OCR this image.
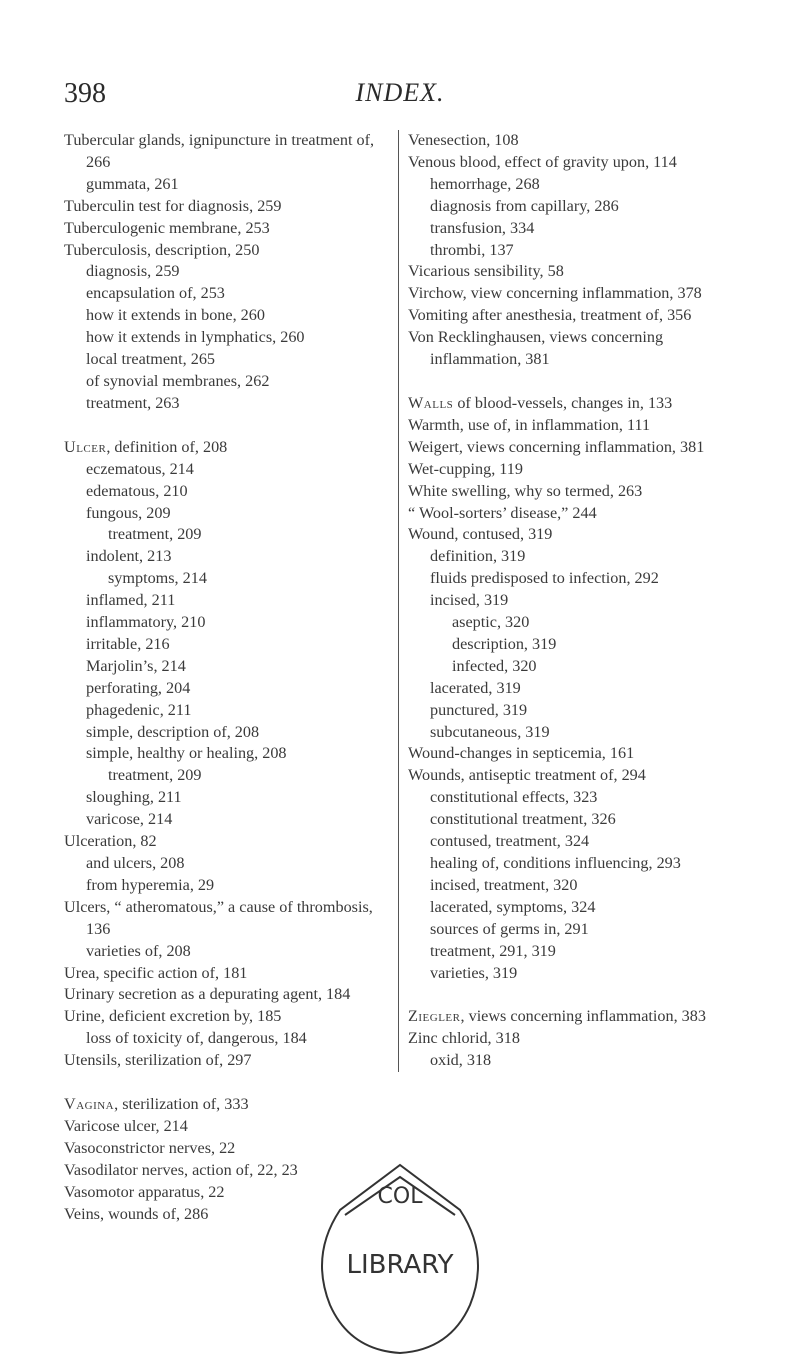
398	INDEX.
Tubercular glands, ignipuncture in treatment of, 266
gummata, 261
Tuberculin test for diagnosis, 259
Tuberculogenic membrane, 253
Tuberculosis, description, 250
diagnosis, 259
encapsulation of, 253
how it extends in bone, 260
how it extends in lymphatics, 260
local treatment, 265
of synovial membranes, 262
treatment, 263
Ulcer, definition of, 208
eczematous, 214
edematous, 210
fungous, 209
treatment, 209
indolent, 213
symptoms, 214
inflamed, 211
inflammatory, 210
irritable, 216
Marjolin’s, 214
perforating, 204
phagedenic, 211
simple, description of, 208
simple, healthy or healing, 208
treatment, 209
sloughing, 211
varicose, 214
Ulceration, 82
and ulcers, 208
from hyperemia, 29
Ulcers, “ atheromatous,” a cause of thrombosis, 136
varieties of, 208
Urea, specific action of, 181
Urinary secretion as a depurating agent, 184
Urine, deficient excretion by, 185
loss of toxicity of, dangerous, 184
Utensils, sterilization of, 297
Vagina, sterilization of, 333
Varicose ulcer, 214
Vasoconstrictor nerves, 22
Vasodilator nerves, action of, 22, 23
Vasomotor apparatus, 22
Veins, wounds of, 286
Venesection, 108
Venous blood, effect of gravity upon, 114
hemorrhage, 268
diagnosis from capillary, 286
transfusion, 334
thrombi, 137
Vicarious sensibility, 58
Virchow, view concerning inflammation, 378
Vomiting after anesthesia, treatment of, 356
Von Recklinghausen, views concerning inflammation, 381
Walls of blood-vessels, changes in, 133
Warmth, use of, in inflammation, 111
Weigert, views concerning inflammation, 381
Wet-cupping, 119
White swelling, why so termed, 263
“ Wool-sorters’ disease,” 244
Wound, contused, 319
definition, 319
fluids predisposed to infection, 292
incised, 319
aseptic, 320
description, 319
infected, 320
lacerated, 319
punctured, 319
subcutaneous, 319
Wound-changes in septicemia, 161
Wounds, antiseptic treatment of, 294
constitutional effects, 323
constitutional treatment, 326
contused, treatment, 324
healing of, conditions influencing, 293
incised, treatment, 320
lacerated, symptoms, 324
sources of germs in, 291
treatment, 291, 319
varieties, 319
Ziegler, views concerning inflammation, 383
Zinc chlorid, 318
oxid, 318
COL
LIBRARY
